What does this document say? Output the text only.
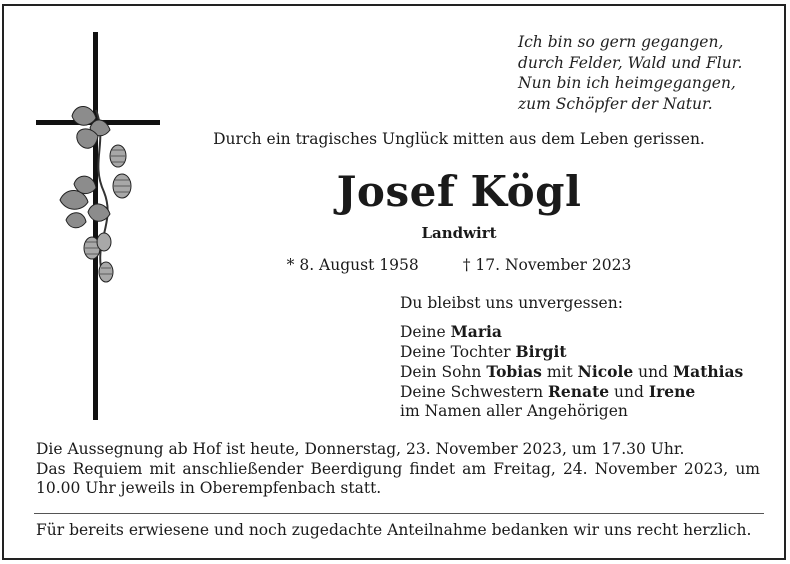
Ich bin so gern gegangen,
durch Felder, Wald und Flur.
Nun bin ich heimgegangen,
zum Schöpfer der Natur.
Durch ein tragisches Unglück mitten aus dem Leben gerissen.
Josef Kögl
Landwirt
* 8. August 1958	† 17. November 2023
Du bleibst uns unvergessen:
Deine Maria
Deine Tochter Birgit
Dein Sohn Tobias mit Nicole und Mathias
Deine Schwestern Renate und Irene
im Namen aller Angehörigen

Die Aussegnung ab Hof ist heute, Donnerstag, 23. November 2023, um 17.30 Uhr.

Das Requiem mit anschließender Beerdigung findet am Freitag, 24. November 2023, um 10.00 Uhr jeweils in Oberempfenbach statt.

Für bereits erwiesene und noch zugedachte Anteilnahme bedanken wir uns recht herzlich.
